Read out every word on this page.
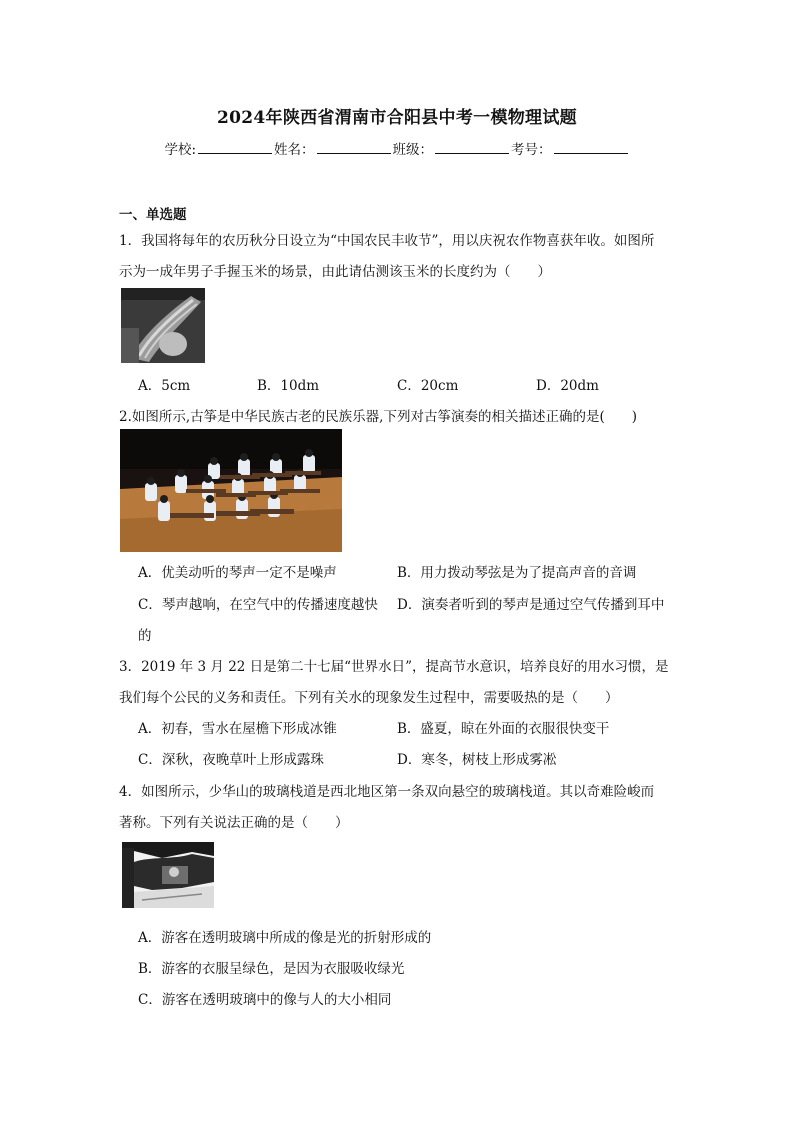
2024年陕西省渭南市合阳县中考一模物理试题
学校:	姓名：	班级：	考号：
一、单选题
1．我国将每年的农历秋分日设立为“中国农民丰收节”，用以庆祝农作物喜获年收。如图所
示为一成年男子手握玉米的场景，由此请估测该玉米的长度约为（　　）
A．5cm	B．10dm	C．20cm	D．20dm
2.如图所示,古筝是中华民族古老的民族乐器,下列对古筝演奏的相关描述正确的是(　　)
A．优美动听的琴声一定不是噪声	B．用力拨动琴弦是为了提高声音的音调
C．琴声越响，在空气中的传播速度越快 D．演奏者听到的琴声是通过空气传播到耳中
的
3．2019 年 3 月 22 日是第二十七届“世界水日”，提高节水意识，培养良好的用水习惯，是
我们每个公民的义务和责任。下列有关水的现象发生过程中，需要吸热的是（　　）
A．初春，雪水在屋檐下形成冰锥	B．盛夏，晾在外面的衣服很快变干
C．深秋，夜晚草叶上形成露珠	D．寒冬，树枝上形成雾凇
4．如图所示，少华山的玻璃栈道是西北地区第一条双向悬空的玻璃栈道。其以奇难险峻而
著称。下列有关说法正确的是（　　）
A．游客在透明玻璃中所成的像是光的折射形成的
B．游客的衣服呈绿色，是因为衣服吸收绿光
C．游客在透明玻璃中的像与人的大小相同
